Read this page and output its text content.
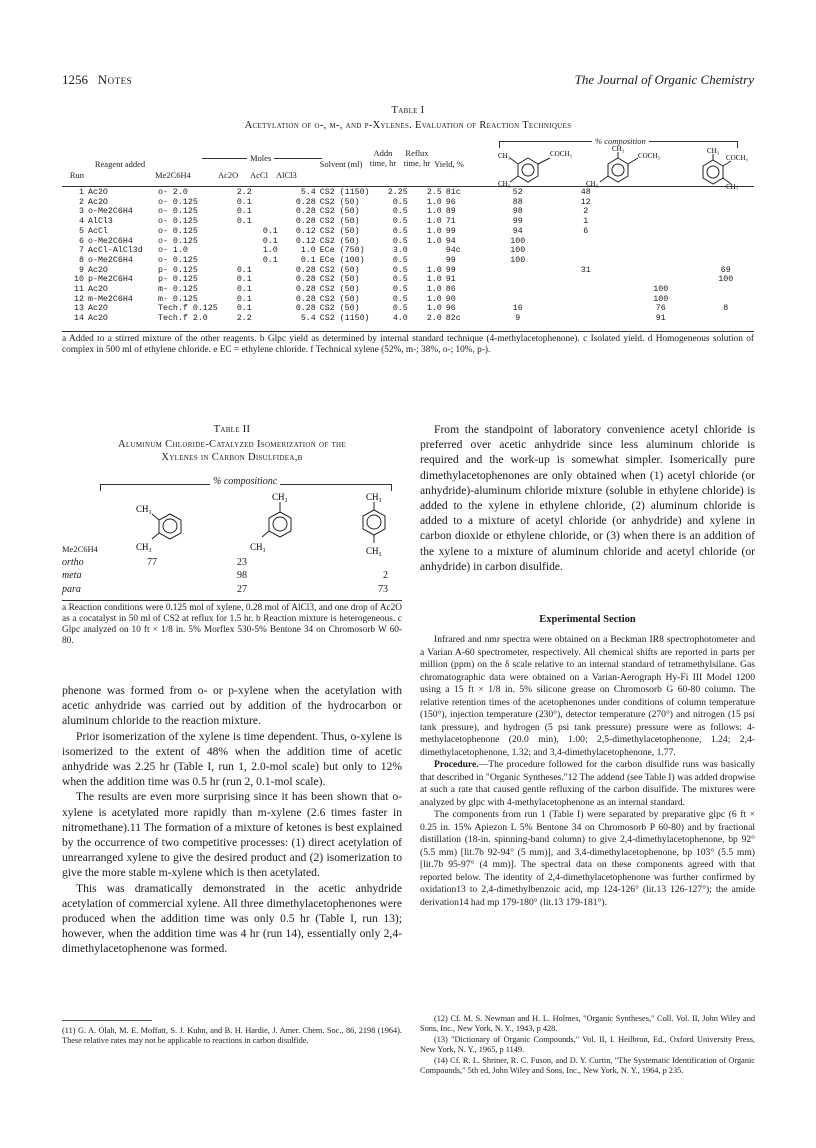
1256 Notes	The Journal of Organic Chemistry
Table I
Acetylation of o-, m-, and p-Xylenes. Evaluation of Reaction Techniques
% composition
Moles
Run
Reagent added
Me2C6H4	Ac2O AcCl AlCl3
Solvent (ml)
Addn time, hr
Reflux time, hr Yield, %
CH₃	COCH₃
CH₃
CH₃
COCH₃
CH₃
CH₃
COCH₃
CH₃
1	Ac2O	o- 2.0	2.2		5.4	CS2 (1150)	2.25	2.5	81c	52	48		
2	Ac2O	o- 0.125	0.1		0.28	CS2 (50)	0.5	1.0	96	88	12		
3	o-Me2C6H4	o- 0.125	0.1		0.28	CS2 (50)	0.5	1.0	89	98	2		
4	AlCl3	o- 0.125	0.1		0.28	CS2 (50)	0.5	1.0	71	99	1		
5	AcCl	o- 0.125		0.1	0.12	CS2 (50)	0.5	1.0	99	94	6		
6	o-Me2C6H4	o- 0.125		0.1	0.12	CS2 (50)	0.5	1.0	94	100			
7	AcCl-AlCl3d	o- 1.0		1.0	1.0	ECe (750)	3.0		94c	100			
8	o-Me2C6H4	o- 0.125		0.1	0.1	ECe (100)	0.5		99	100			
9	Ac2O	p- 0.125	0.1		0.28	CS2 (50)	0.5	1.0	99		31		69
10	p-Me2C6H4	p- 0.125	0.1		0.28	CS2 (50)	0.5	1.0	91				100
11	Ac2O	m- 0.125	0.1		0.28	CS2 (50)	0.5	1.0	86			100	
12	m-Me2C6H4	m- 0.125	0.1		0.28	CS2 (50)	0.5	1.0	90			100	
13	Ac2O	Tech.f 0.125	0.1		0.28	CS2 (50)	0.5	1.0	96	16		76	8
14	Ac2O	Tech.f 2.0	2.2		5.4	CS2 (1150)	4.0	2.0	82c	9		91	
a Added to a stirred mixture of the other reagents. b Glpc yield as determined by internal standard technique (4-methylacetophenone). c Isolated yield. d Homogeneous solution of complex in 500 ml of ethylene chloride. e EC = ethylene chloride. f Technical xylene (52%, m-; 38%, o-; 10%, p-).
Table II
Aluminum Chloride-Catalyzed Isomerization of the Xylenes in Carbon Disulfidea,b
% compositionc
CH₃
CH₃
CH₃
CH₃
CH₃
CH₃
Me2C6H4			
ortho	77	23	
meta		98	2
para		27	73
a Reaction conditions were 0.125 mol of xylene, 0.28 mol of AlCl3, and one drop of Ac2O as a cocatalyst in 50 ml of CS2 at reflux for 1.5 hr. b Reaction mixture is heterogeneous. c Glpc analyzed on 10 ft × 1/8 in. 5% Morflex 530-5% Bentone 34 on Chromosorb W 60-80.

phenone was formed from o- or p-xylene when the acetylation with acetic anhydride was carried out by addition of the hydrocarbon or aluminum chloride to the reaction mixture.

Prior isomerization of the xylene is time dependent. Thus, o-xylene is isomerized to the extent of 48% when the addition time of acetic anhydride was 2.25 hr (Table I, run 1, 2.0-mol scale) but only to 12% when the addition time was 0.5 hr (run 2, 0.1-mol scale).

The results are even more surprising since it has been shown that o-xylene is acetylated more rapidly than m-xylene (2.6 times faster in nitromethane).11 The formation of a mixture of ketones is best explained by the occurrence of two competitive processes: (1) direct acetylation of unrearranged xylene to give the desired product and (2) isomerization to give the more stable m-xylene which is then acetylated.

This was dramatically demonstrated in the acetic anhydride acetylation of commercial xylene. All three dimethylacetophenones were produced when the addition time was only 0.5 hr (Table I, run 13); however, when the addition time was 4 hr (run 14), essentially only 2,4-dimethylacetophenone was formed.

(11) G. A. Olah, M. E. Moffatt, S. J. Kuhn, and B. H. Hardie, J. Amer. Chem. Soc., 86, 2198 (1964). These relative rates may not be applicable to reactions in carbon disulfide.

From the standpoint of laboratory convenience acetyl chloride is preferred over acetic anhydride since less aluminum chloride is required and the work-up is somewhat simpler. Isomerically pure dimethylacetophenones are only obtained when (1) acetyl chloride (or anhydride)-aluminum chloride mixture (soluble in ethylene chloride) is added to the xylene in ethylene chloride, (2) aluminum chloride is added to a mixture of acetyl chloride (or anhydride) and xylene in carbon dioxide or ethylene chloride, or (3) when there is an addition of the xylene to a mixture of aluminum chloride and acetyl chloride (or anhydride) in carbon disulfide.

Experimental Section

Infrared and nmr spectra were obtained on a Beckman IR8 spectrophotometer and a Varian A-60 spectrometer, respectively. All chemical shifts are reported in parts per million (ppm) on the δ scale relative to an internal standard of tetramethylsilane. Gas chromatographic data were obtained on a Varian-Aerograph Hy-Fi III Model 1200 using a 15 ft × 1/8 in. 5% silicone grease on Chromosorb G 60-80 column. The relative retention times of the acetophenones under conditions of column temperature (150°), injection temperature (230°), detector temperature (270°) and nitrogen (15 psi tank pressure), and hydrogen (5 psi tank pressure) pressure were as follows: 4-methylacetophenone (20.0 min), 1.00; 2,5-dimethylacetophenone, 1.24; 2,4-dimethylacetophenone, 1.32; and 3,4-dimethylacetophenone, 1.77.

Procedure.—The procedure followed for the carbon disulfide runs was basically that described in "Organic Syntheses."12 The addend (see Table I) was added dropwise at such a rate that caused gentle refluxing of the carbon disulfide. The mixtures were analyzed by glpc with 4-methylacetophenone as an internal standard.

The components from run 1 (Table I) were separated by preparative glpc (6 ft × 0.25 in. 15% Apiezon L 5% Bentone 34 on Chromosorb P 60-80) and by fractional distillation (18-in. spinning-band column) to give 2,4-dimethylacetophenone, bp 92° (5.5 mm) [lit.7b 92-94° (5 mm)], and 3,4-dimethylacetophenone, bp 103° (5.5 mm) [lit.7b 95-97° (4 mm)]. The spectral data on these components agreed with that reported below. The identity of 2,4-dimethylacetophenone was further confirmed by oxidation13 to 2,4-dimethylbenzoic acid, mp 124-126° (lit.13 126-127°); the amide derivation14 had mp 179-180° (lit.13 179-181°).

(12) Cf. M. S. Newman and H. L. Holmes, "Organic Syntheses," Coll. Vol. II, John Wiley and Sons, Inc., New York, N. Y., 1943, p 428.

(13) "Dictionary of Organic Compounds," Vol. II, I. Heilbron, Ed., Oxford University Press, New York, N. Y., 1965, p 1149.

(14) Cf. R. L. Shriner, R. C. Fuson, and D. Y. Curtin, "The Systematic Identification of Organic Compounds," 5th ed, John Wiley and Sons, Inc., New York, N. Y., 1964, p 235.
